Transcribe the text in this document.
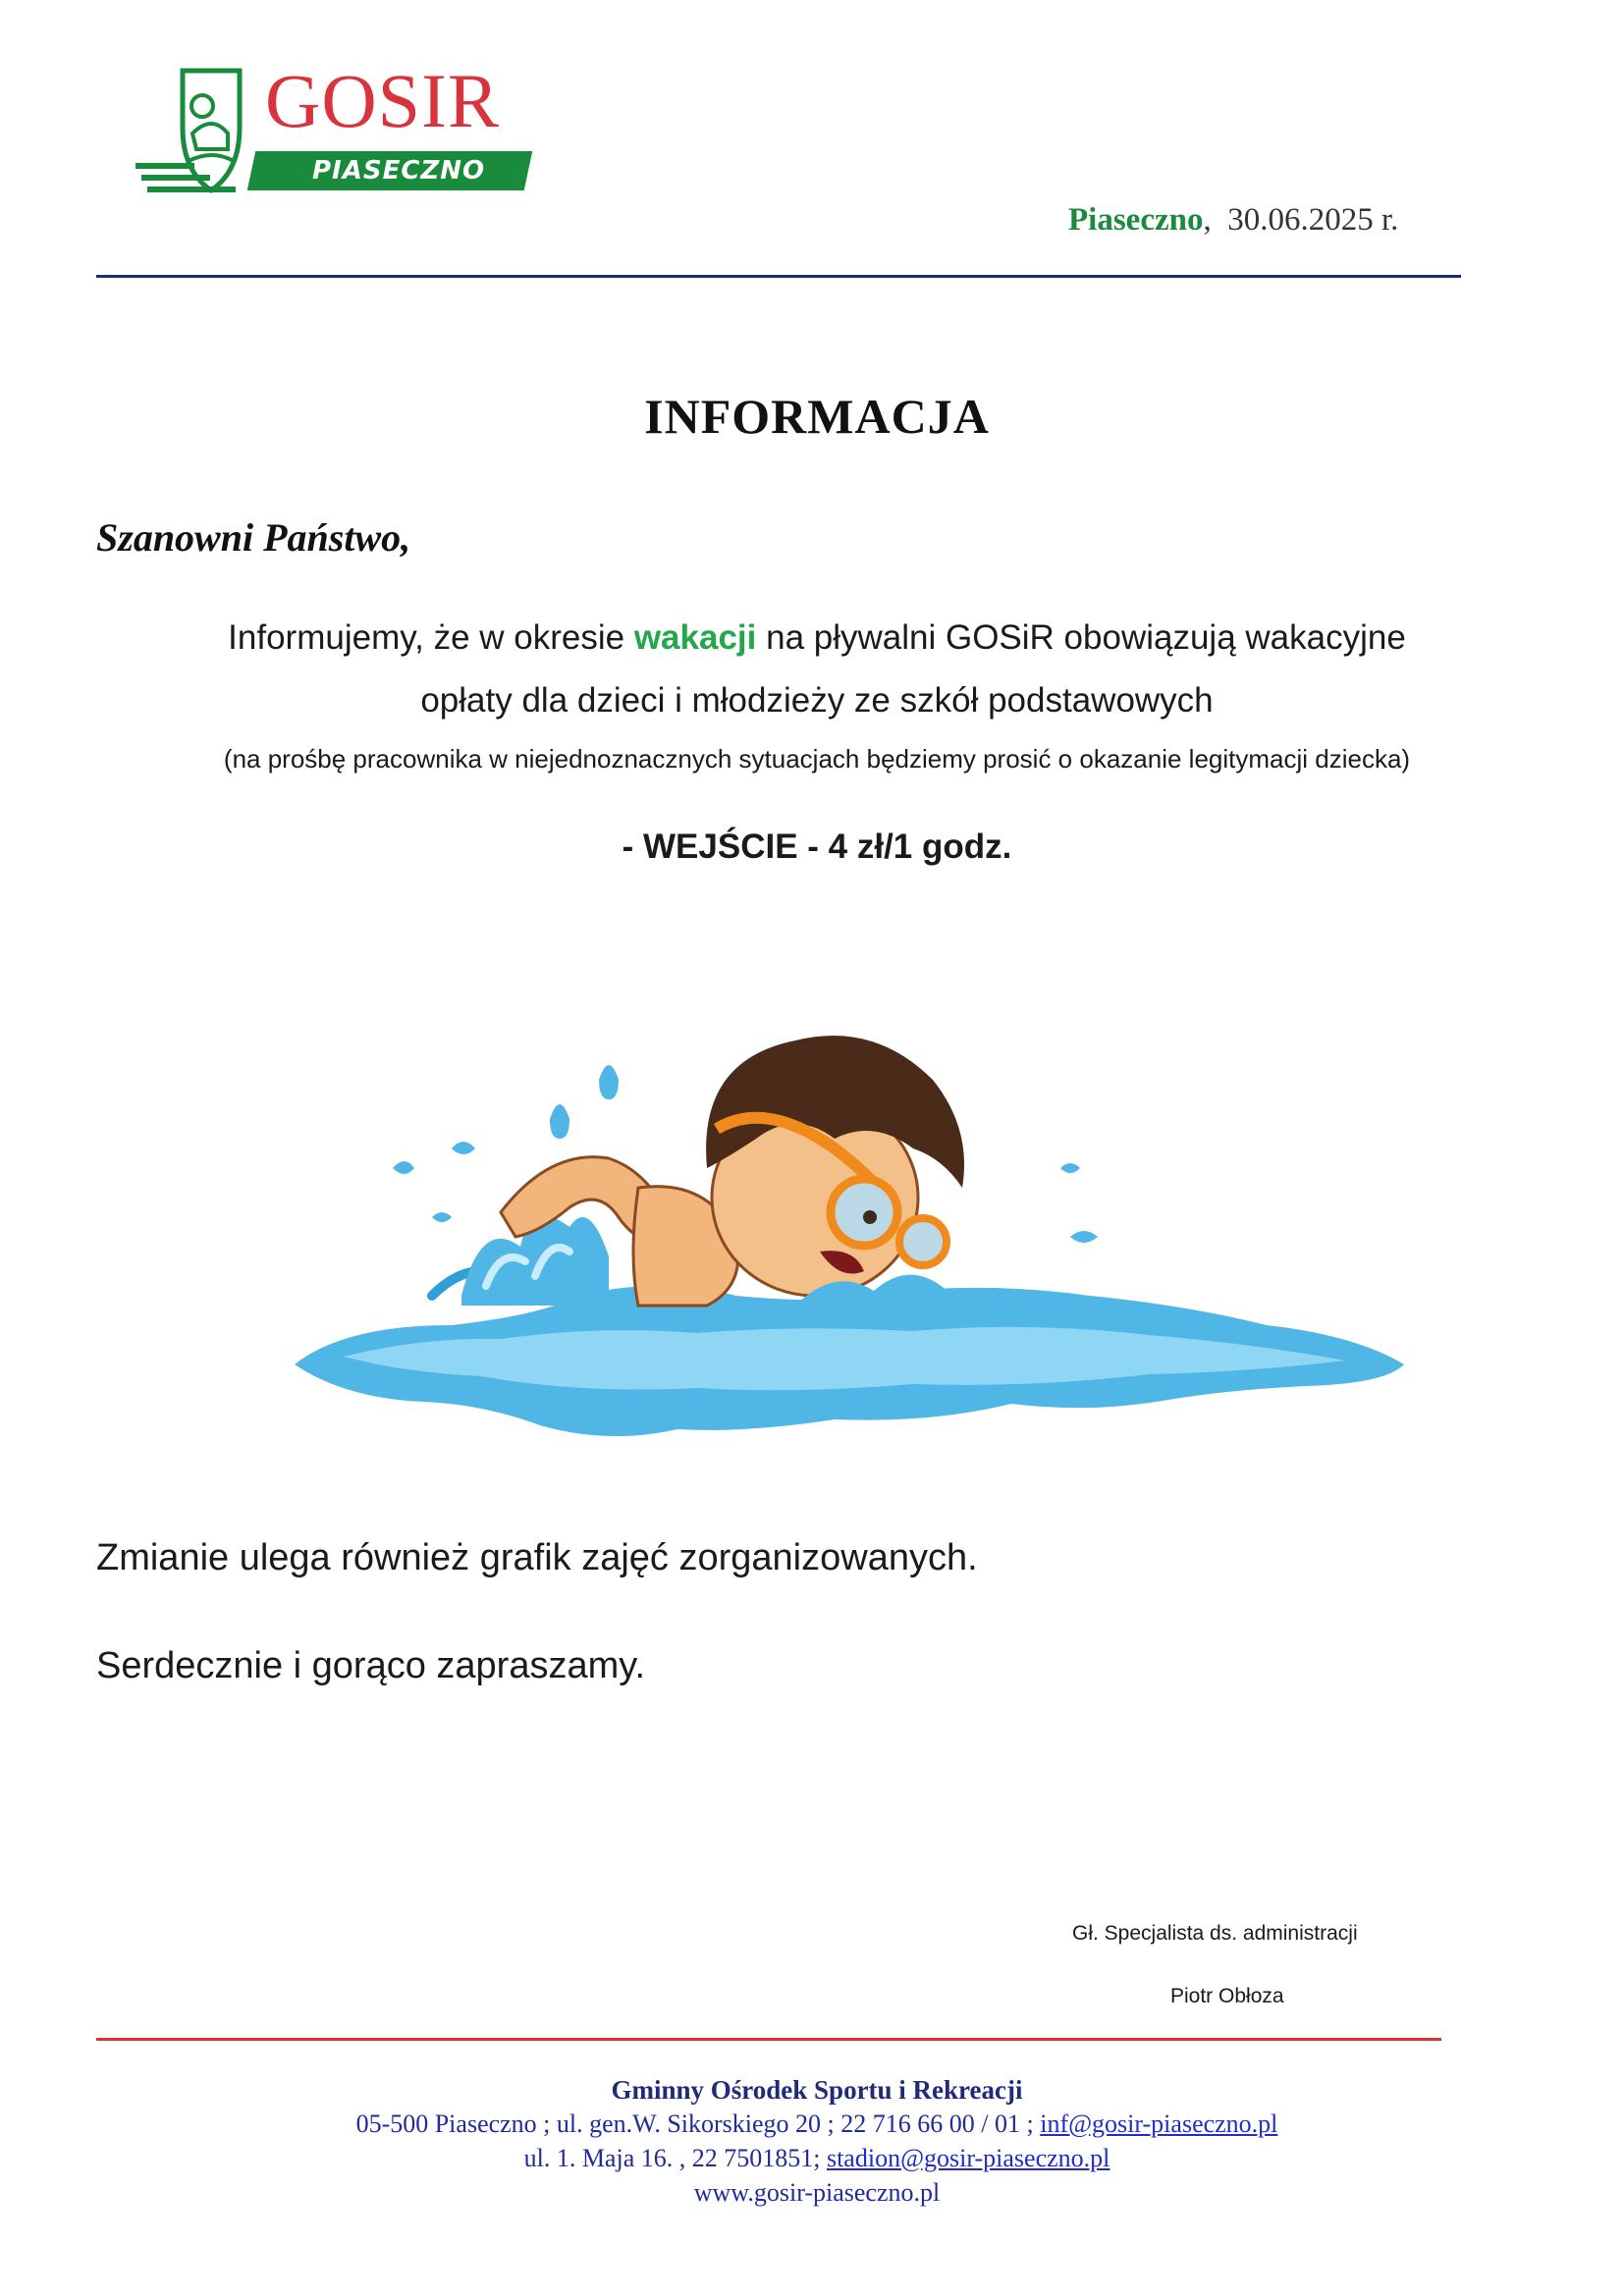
GOSIR
PIASECZNO
Piaseczno,  30.06.2025 r.
INFORMACJA
Szanowni Państwo,
Informujemy, że w okresie wakacji na pływalni GOSiR obowiązują wakacyjne
opłaty dla dzieci i młodzieży ze szkół podstawowych
(na prośbę pracownika w niejednoznacznych sytuacjach będziemy prosić o okazanie legitymacji dziecka)
- WEJŚCIE - 4 zł/1 godz.
Zmianie ulega również grafik zajęć zorganizowanych.
Serdecznie i gorąco zapraszamy.
Gł. Specjalista ds. administracji
Piotr Obłoza
Gminny Ośrodek Sportu i Rekreacji
05-500 Piaseczno ; ul. gen.W. Sikorskiego 20 ; 22 716 66 00 / 01 ; inf@gosir-piaseczno.pl
ul. 1. Maja 16. , 22 7501851; stadion@gosir-piaseczno.pl
www.gosir-piaseczno.pl
